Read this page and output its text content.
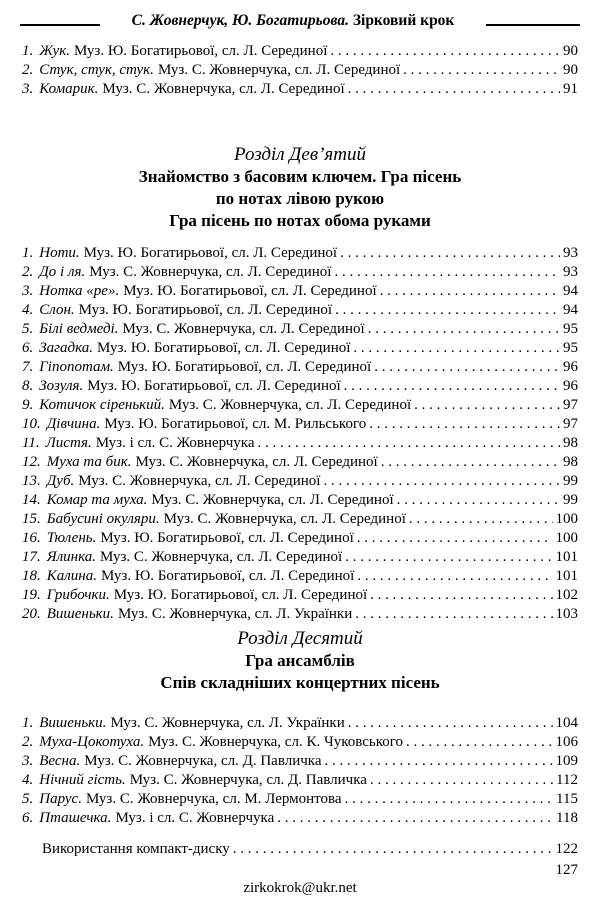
С. Жовнерчук, Ю. Богатирьова. Зірковий крок
1. Жук. Муз. Ю. Богатирьової, сл. Л. Серединої . . .	90
2. Стук, стук, стук. Муз. С. Жовнерчука, сл. Л. Серединої . . .	90
3. Комарик. Муз. С. Жовнерчука, сл. Л. Серединої . . .	91
Розділ Дев’ятий
Знайомство з басовим ключем. Гра пісень
по нотах лівою рукою
Гра пісень по нотах обома руками
1. Ноти. Муз. Ю. Богатирьової, сл. Л. Серединої . . .	93
2. До і ля. Муз. С. Жовнерчука, сл. Л. Серединої . . .	93
3. Нотка «ре». Муз. Ю. Богатирьової, сл. Л. Серединої . . .	94
4. Слон. Муз. Ю. Богатирьової, сл. Л. Серединої . . .	94
5. Білі ведмеді. Муз. С. Жовнерчука, сл. Л. Серединої . . .	95
6. Загадка. Муз. Ю. Богатирьової, сл. Л. Серединої . . .	95
7. Гіпопотам. Муз. Ю. Богатирьової, сл. Л. Серединої . . .	96
8. Зозуля. Муз. Ю. Богатирьової, сл. Л. Серединої . . .	96
9. Котичок сіренький. Муз. С. Жовнерчука, сл. Л. Серединої . . .	97
10. Дівчина. Муз. Ю. Богатирьової, сл. М. Рильського . . .	97
11. Листя. Муз. і сл. С. Жовнерчука . . .	98
12. Муха та бик. Муз. С. Жовнерчука, сл. Л. Серединої . . .	98
13. Дуб. Муз. С. Жовнерчука, сл. Л. Серединої . . .	99
14. Комар та муха. Муз. С. Жовнерчука, сл. Л. Серединої . . .	99
15. Бабусині окуляри. Муз. С. Жовнерчука, сл. Л. Серединої . . .	100
16. Тюлень. Муз. Ю. Богатирьової, сл. Л. Серединої . . .	100
17. Ялинка. Муз. С. Жовнерчука, сл. Л. Серединої . . .	101
18. Калина. Муз. Ю. Богатирьової, сл. Л. Серединої . . .	101
19. Грибочки. Муз. Ю. Богатирьової, сл. Л. Серединої . . .	102
20. Вишеньки. Муз. С. Жовнерчука, сл. Л. Українки . . .	103
Розділ Десятий
Гра ансамблів
Спів складніших концертних пісень
1. Вишеньки. Муз. С. Жовнерчука, сл. Л. Українки . . .	104
2. Муха-Цокотуха. Муз. С. Жовнерчука, сл. К. Чуковського . . .	106
3. Весна. Муз. С. Жовнерчука, сл. Д. Павличка . . .	109
4. Нічний гість. Муз. С. Жовнерчука, сл. Д. Павличка . . .	112
5. Парус. Муз. С. Жовнерчука, сл. М. Лермонтова . . .	115
6. Пташечка. Муз. і сл. С. Жовнерчука . . .	118
Використання компакт-диску . . .	122
127
zirkokrok@ukr.net
